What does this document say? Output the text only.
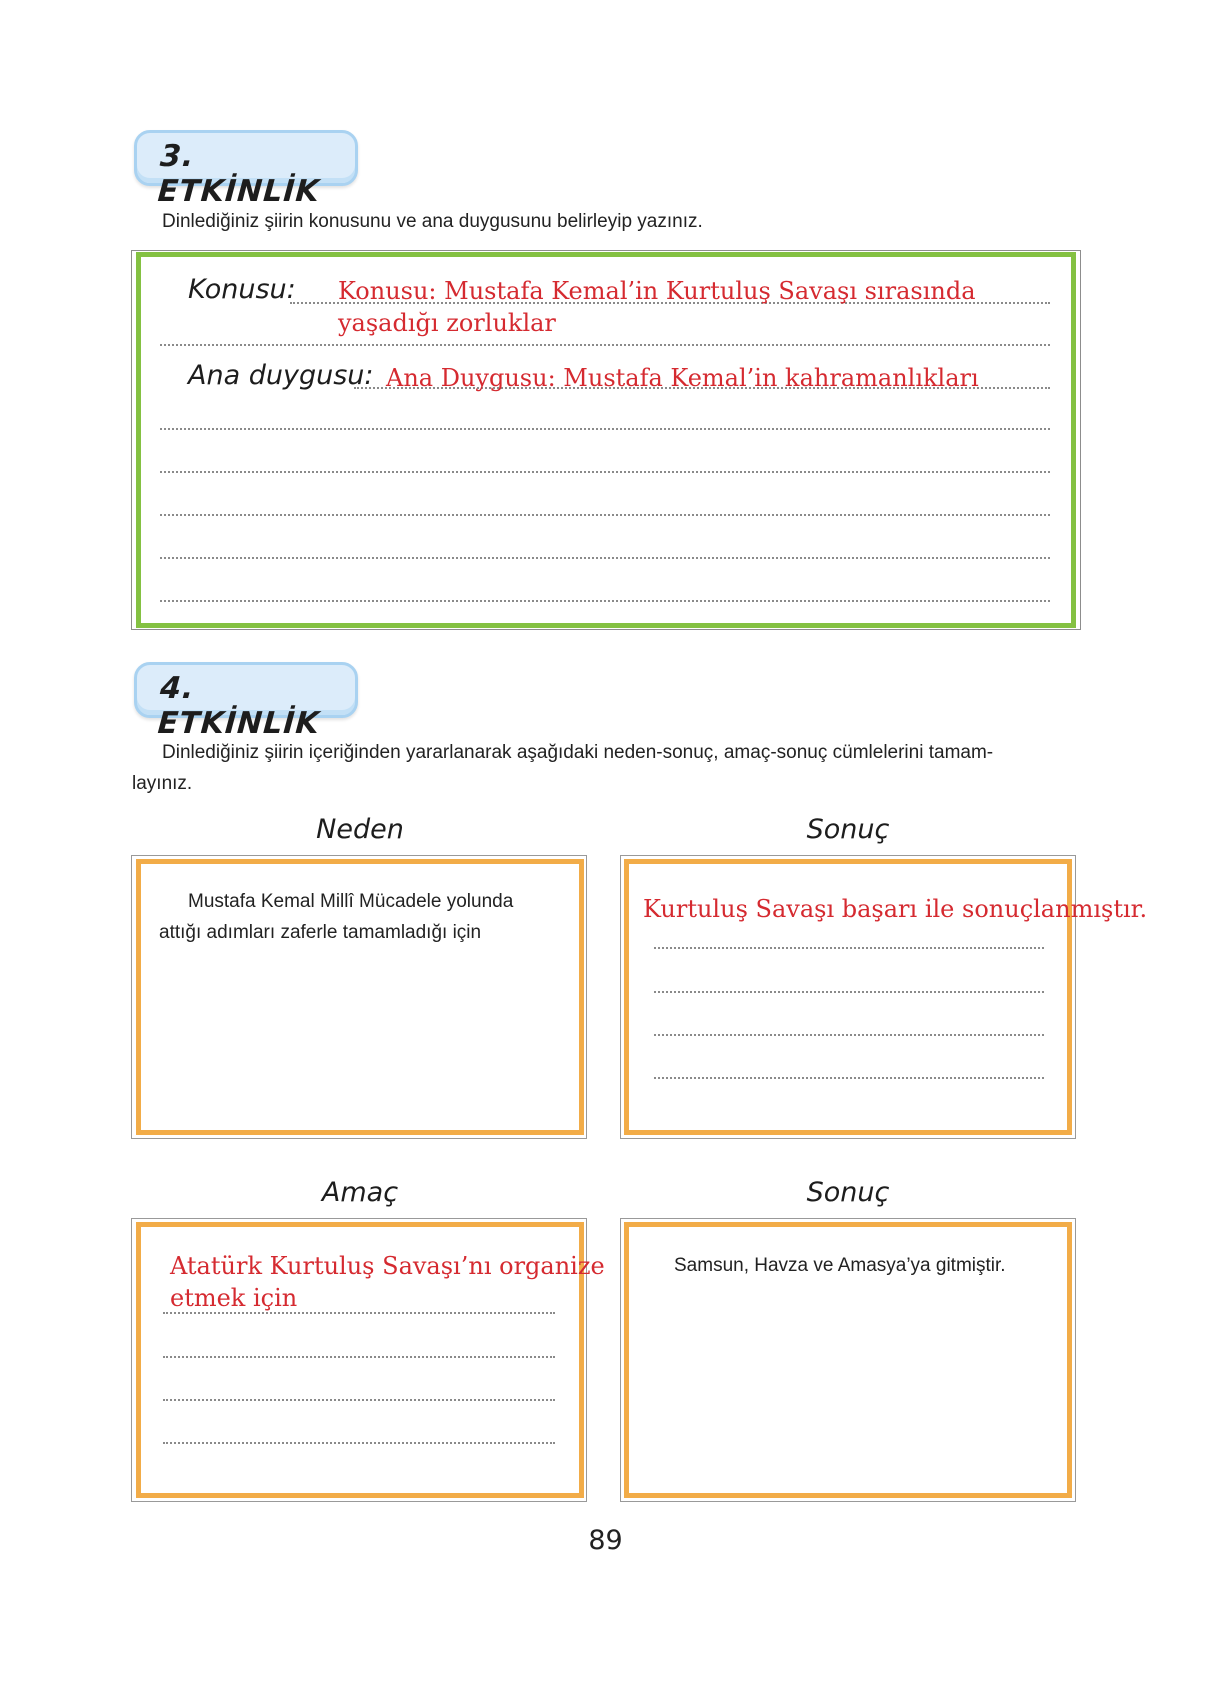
3. ETKİNLİK
Dinlediğiniz şiirin konusunu ve ana duygusunu belirleyip yazınız.
Konusu: Konusu: Mustafa Kemal’in Kurtuluş Savaşı sırasında
yaşadığı zorluklar
Ana duygusu: Ana Duygusu: Mustafa Kemal’in kahramanlıkları
4. ETKİNLİK
Dinlediğiniz şiirin içeriğinden yararlanarak aşağıdaki neden-sonuç, amaç-sonuç cümlelerini tamam-
layınız.
Neden	Sonuç
Mustafa Kemal Millî Mücadele yolunda
attığı adımları zaferle tamamladığı için
Kurtuluş Savaşı başarı ile sonuçlanmıştır.
Amaç	Sonuç
Atatürk Kurtuluş Savaşı’nı organize
etmek için
Samsun, Havza ve Amasya’ya gitmiştir.
89
